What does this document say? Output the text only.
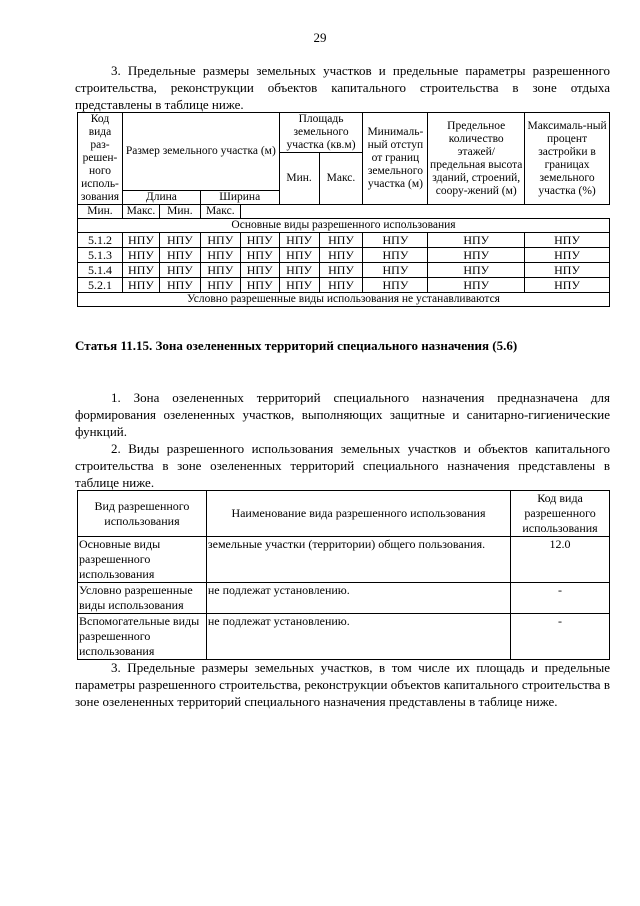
29
3. Предельные размеры земельных участков и предельные параметры разрешенного строительства, реконструкции объектов капитального строительства в зоне отдыха представлены в таблице ниже.
Код вида раз-решен-ного исполь-зования	Размер земельного участка (м)				Площадь земельного участка (кв.м)		Минималь-ный отступ от границ земельного участка (м)	Предельное количество этажей/ предельная высота зданий, строений, соору-жений (м)	Максималь-ный процент застройки в границах земельного участка (%)
					Мин.	Макс.			
	Длина		Ширина						
Мин.	Макс.	Мин.	Макс.						
Основные виды разрешенного использования									
5.1.2	НПУ	НПУ	НПУ	НПУ	НПУ	НПУ	НПУ	НПУ	НПУ
5.1.3	НПУ	НПУ	НПУ	НПУ	НПУ	НПУ	НПУ	НПУ	НПУ
5.1.4	НПУ	НПУ	НПУ	НПУ	НПУ	НПУ	НПУ	НПУ	НПУ
5.2.1	НПУ	НПУ	НПУ	НПУ	НПУ	НПУ	НПУ	НПУ	НПУ
Условно разрешенные виды использования не устанавливаются									
Статья 11.15. Зона озелененных территорий специального назначения (5.6)
1. Зона озелененных территорий специального назначения предназначена для формирования озелененных участков, выполняющих защитные и санитарно-гигиенические функций.
2. Виды разрешенного использования земельных участков и объектов капитального строительства в зоне озелененных территорий специального назначения представлены в таблице ниже.
Вид разрешенного использования	Наименование вида разрешенного использования	Код вида разрешенного использования
Основные виды разрешенного использования	земельные участки (территории) общего пользования.	12.0
Условно разрешенные виды использования	не подлежат установлению.	-
Вспомогательные виды разрешенного использования	не подлежат установлению.	-
3. Предельные размеры земельных участков, в том числе их площадь и предельные параметры разрешенного строительства, реконструкции объектов капитального строительства в зоне озелененных территорий специального назначения представлены в таблице ниже.
